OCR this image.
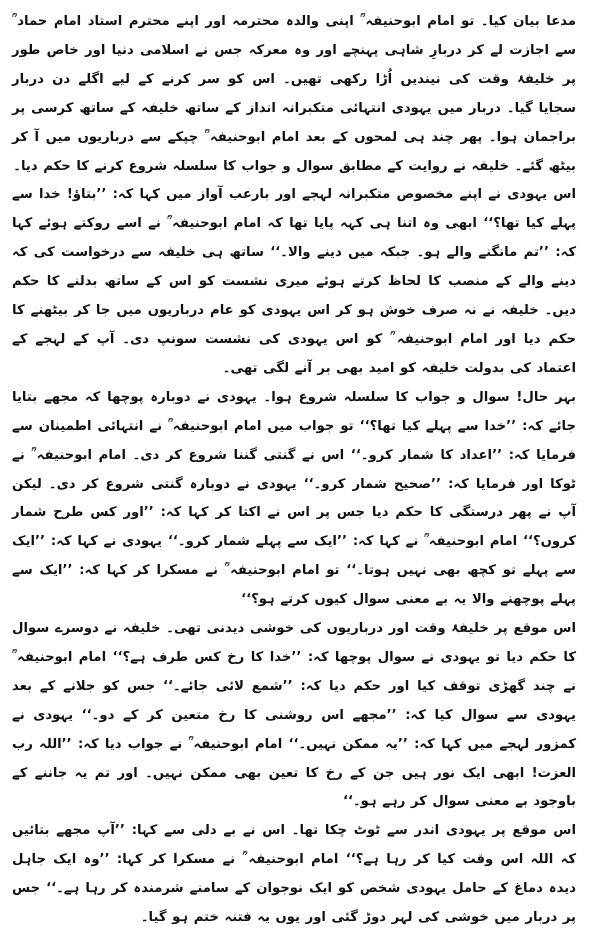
مدعا بیان کیا۔ تو امام ابوحنیفہ ؒ اپنی والدہ محترمہ اور اپنے محترم استاد امام حماد ؒ سے اجازت لے کر دربارِ شاہی پہنچے اور وہ معرکہ جس نے اسلامی دنیا اور خاص طور پر خلیفۂ وقت کی نیندیں اُڑا رکھی تھیں۔ اس کو سر کرنے کے لیے اگلے دن دربار سجایا گیا۔ دربار میں یہودی انتہائی متکبرانہ انداز کے ساتھ خلیفہ کے ساتھ کرسی پر براجمان ہوا۔ پھر چند ہی لمحوں کے بعد امام ابوحنیفہ ؒ چپکے سے درباریوں میں آ کر بیٹھ گئے۔ خلیفہ نے روایت کے مطابق سوال و جواب کا سلسلہ شروع کرنے کا حکم دیا۔

اس یہودی نے اپنے مخصوص متکبرانہ لہجے اور بارعب آواز میں کہا کہ: ’’بتاؤ! خدا سے پہلے کیا تھا؟‘‘ ابھی وہ اتنا ہی کہہ پایا تھا کہ امام ابوحنیفہ ؒ نے اسے روکتے ہوئے کہا کہ: ’’تم مانگنے والے ہو۔ جبکہ میں دینے والا۔‘‘ ساتھ ہی خلیفہ سے درخواست کی کہ دینے والے کے منصب کا لحاظ کرتے ہوئے میری نشست کو اس کے ساتھ بدلنے کا حکم دیں۔ خلیفہ نے نہ صرف خوش ہو کر اس یہودی کو عام درباریوں میں جا کر بیٹھنے کا حکم دیا اور امام ابوحنیفہ ؒ کو اس یہودی کی نشست سونپ دی۔ آپ کے لہجے کے اعتماد کی بدولت خلیفہ کو امید بھی بر آنے لگی تھی۔

بہر حال! سوال و جواب کا سلسلہ شروع ہوا۔ یہودی نے دوبارہ پوچھا کہ مجھے بتایا جائے کہ: ’’خدا سے پہلے کیا تھا؟‘‘ تو جواب میں امام ابوحنیفہ ؒ نے انتہائی اطمینان سے فرمایا کہ: ’’اعداد کا شمار کرو۔‘‘ اس نے گنتی گننا شروع کر دی۔ امام ابوحنیفہ ؒ نے ٹوکا اور فرمایا کہ: ’’صحیح شمار کرو۔‘‘ یہودی نے دوبارہ گنتی شروع کر دی۔ لیکن آپ نے پھر درستگی کا حکم دیا جس پر اس نے اکتا کر کہا کہ: ’’اور کس طرح شمار کروں؟‘‘ امام ابوحنیفہ ؒ نے کہا کہ: ’’ایک سے پہلے شمار کرو۔‘‘ یہودی نے کہا کہ: ’’ایک سے پہلے تو کچھ بھی نہیں ہوتا۔‘‘ تو امام ابوحنیفہ ؒ نے مسکرا کر کہا کہ: ’’ایک سے پہلے پوچھنے والا یہ بے معنی سوال کیوں کرتے ہو؟‘‘

اس موقع پر خلیفۂ وقت اور درباریوں کی خوشی دیدنی تھی۔ خلیفہ نے دوسرے سوال کا حکم دیا تو یہودی نے سوال پوچھا کہ: ’’خدا کا رخ کس طرف ہے؟‘‘ امام ابوحنیفہ ؒ نے چند گھڑی توقف کیا اور حکم دیا کہ: ’’شمع لائی جائے۔‘‘ جس کو جلانے کے بعد یہودی سے سوال کیا کہ: ’’مجھے اس روشنی کا رخ متعین کر کے دو۔‘‘ یہودی نے کمزور لہجے میں کہا کہ: ’’یہ ممکن نہیں۔‘‘ امام ابوحنیفہ ؒ نے جواب دیا کہ: ’’اللہ رب العزت! ابھی ایک نور ہیں جن کے رخ کا تعین بھی ممکن نہیں۔ اور تم یہ جاننے کے باوجود بے معنی سوال کر رہے ہو۔‘‘

اس موقع پر یہودی اندر سے ٹوٹ چکا تھا۔ اس نے بے دلی سے کہا: ’’آپ مجھے بتائیں کہ اللہ اس وقت کیا کر رہا ہے؟‘‘ امام ابوحنیفہ ؒ نے مسکرا کر کہا: ’’وہ ایک جاہل دیدہ دماغ کے حامل یہودی شخص کو ایک نوجوان کے سامنے شرمندہ کر رہا ہے۔‘‘ جس پر دربار میں خوشی کی لہر دوڑ گئی اور یوں یہ فتنہ ختم ہو گیا۔
